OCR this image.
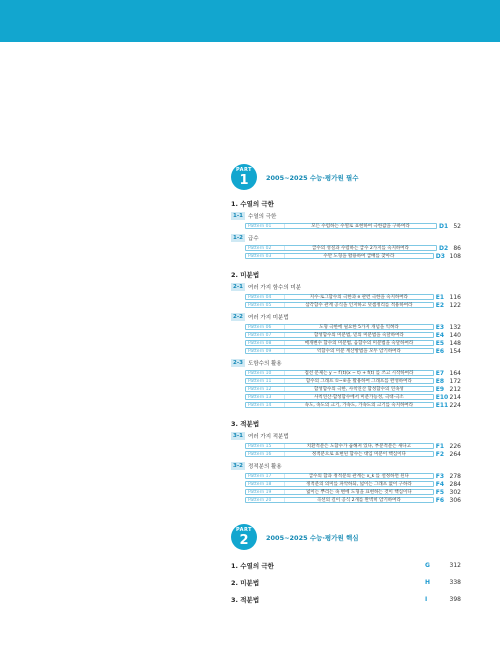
PART
1	2005~2025 수능·평가원 필수
1. 수열의 극한
1-1 수열의 극한
Pattern 01	모든 수렴하는 수열로 표현하여 극한값을 구하여라	D1 52
1-2 급수
Pattern 02	급수의 성질과 수렴하는 급수 2가지를 숙지하여라	D2 86
Pattern 03	수만 도형을 활용하여 급배를 찾아라	D3 108
2. 미분법
2-1 여러 가지 함수의 미분
Pattern 04	지수·로그함수의 극한과 e 관련 극한을 숙지하여라	E1 116
Pattern 05	삼각함수 관계 공식을 인지하고 덧셈정리를 적용하여라	E2 122
2-2 여러 가지 미분법
Pattern 06	도형 극한에 필요한 5가지 개념을 익혀라	E3 132
Pattern 07	합성함수의 미분법, 믿의 미분법을 숙달하여라	E4 140
Pattern 08	매개변수 함수의 미분법, 음함수의 미분법을 숙달하여라	E5 148
Pattern 09	역함수의 미분 계산방법을 모두 암기하여라	E6 154
2-3 도함수의 활용
Pattern 10	접선 문제는 y − f′(t)(x − t) + f(t) 를 쓰고 시작하여라	E7 164
Pattern 11	함수의 그래프 ①~⑥을 활용하여 그래프를 완성하여라	E8 172
Pattern 12	합성함수의 극한, 사칙연산 함성함수의 연속성	E9 212
Pattern 13	사칙연산·합성함수에서 미분가능성, 극대·극소	E10 214
Pattern 14	속도, 속도의 크기, 가속도, 가속도의 크기를 숙지하여라	E11 224
3. 적분법
3-1 여러 가지 적분법
Pattern 15	치환적분은 도함수가 곱해져 있다, 부분적분은 새다고	F1 226
Pattern 16	정적분으로 표현된 함수는 대입 미분이 핵심이다	F2 264
3-2 정적분의 활용
Pattern 17	급수의 합과 정적분의 관계는 x_k 를 설정하면 된다	F3 278
Pattern 18	정적분의 의미를 파악하되, 넓이는 그래프 없이 구하라	F4 284
Pattern 19	넓이는 뿌리는 속 변에 도형을 표현하는 것이 핵심이다	F5 302
Pattern 20	곡선의 길이 공식 2개를 완벽히 암기하여라	F6 306
PART
2	2005~2025 수능·평가원 핵심
1. 수열의 극한	G	312
2. 미분법	H	338
3. 적분법	I	398
